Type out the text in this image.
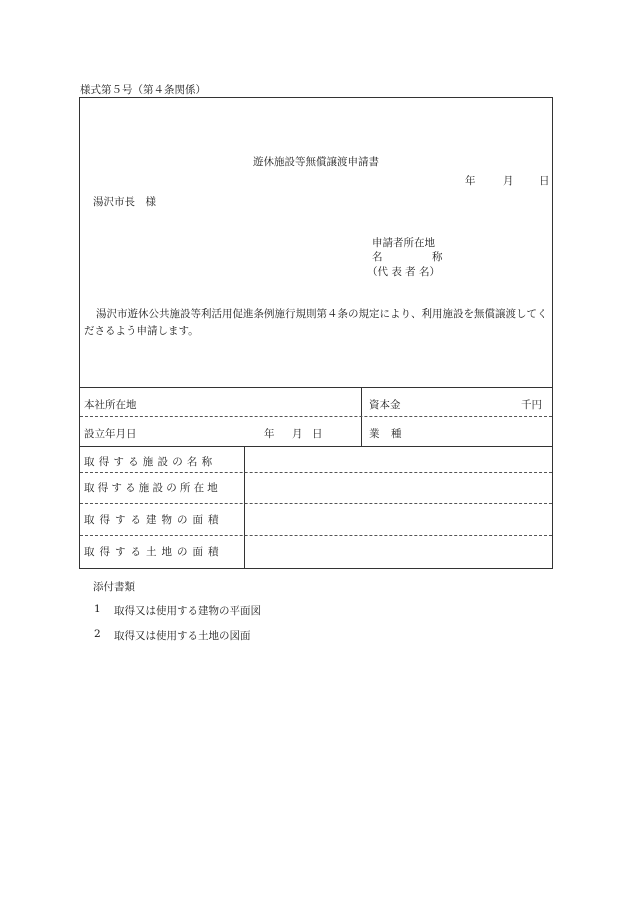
様式第５号（第４条関係）
遊休施設等無償譲渡申請書
年	月 日
湯沢市長　様
申請者所在地
名	称
（代 表 者 名）
湯沢市遊休公共施設等利活用促進条例施行規則第４条の規定により、利用施設を無償譲渡してくださるよう申請します。
本社所在地	資本金	千円
設立年月日	年 月 日	業 種
取得する施設の名称
取得する施設の所在地
取得する建物の面積
取得する土地の面積
添付書類
1 取得又は使用する建物の平面図
2 取得又は使用する土地の図面
